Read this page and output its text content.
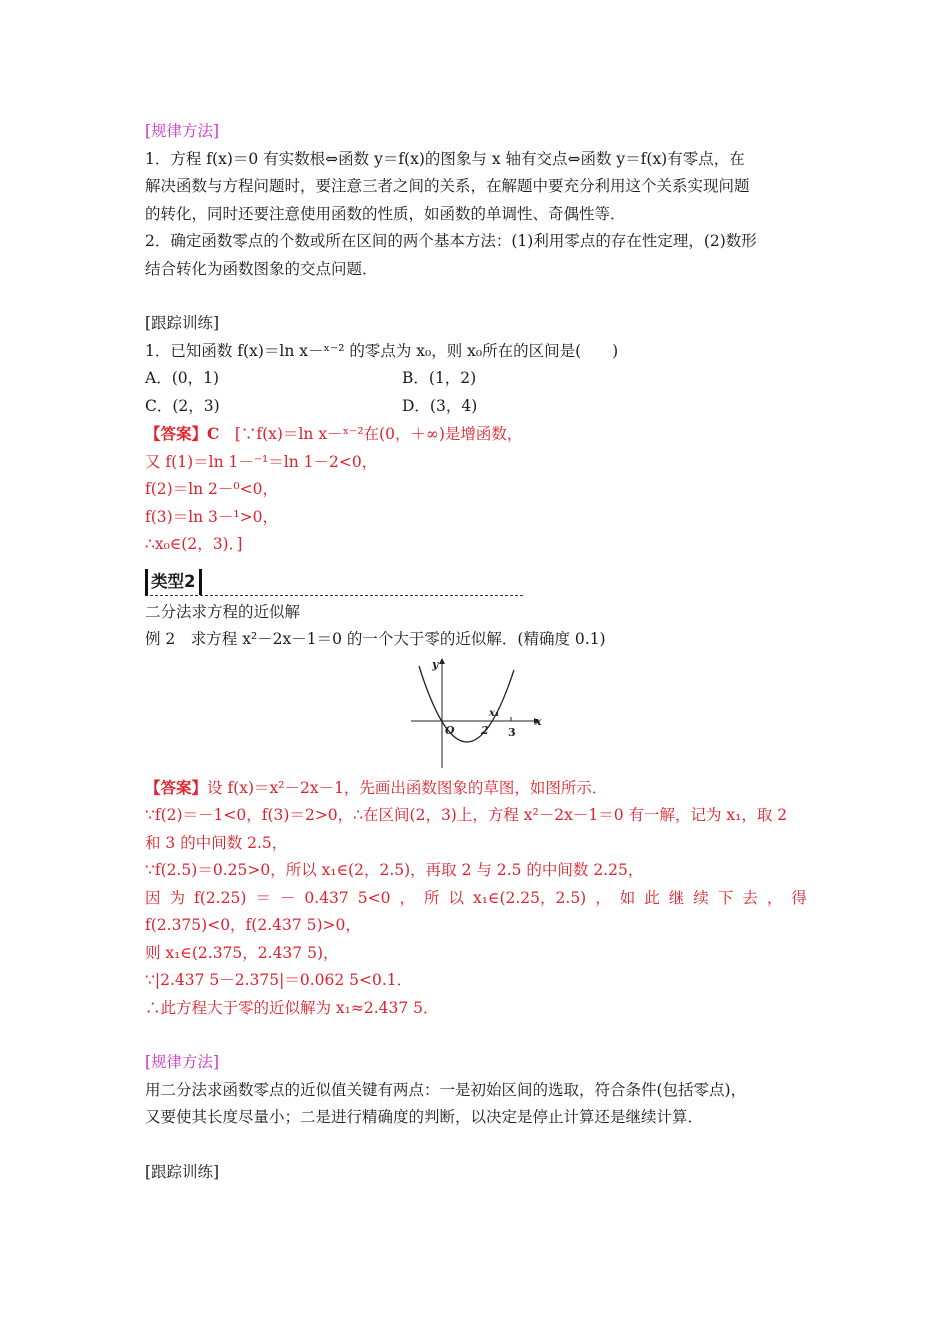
[规律方法]
1．方程 f(x)＝0 有实数根⇔函数 y＝f(x)的图象与 x 轴有交点⇔函数 y＝f(x)有零点，在
解决函数与方程问题时，要注意三者之间的关系，在解题中要充分利用这个关系实现问题
的转化，同时还要注意使用函数的性质，如函数的单调性、奇偶性等．
2．确定函数零点的个数或所在区间的两个基本方法：(1)利用零点的存在性定理，(2)数形
结合转化为函数图象的交点问题．
[跟踪训练]
1．已知函数 f(x)＝ln x－ˣ⁻² 的零点为 x₀，则 x₀所在的区间是(　　)
A．(0，1)	B．(1，2)
C．(2，3)	D．(3，4)
【答案】C　[∵f(x)＝ln x－ˣ⁻²在(0，＋∞)是增函数，
又 f(1)＝ln 1－⁻¹＝ln 1－2<0，
f(2)＝ln 2－⁰<0，
f(3)＝ln 3－¹>0，
∴x₀∈(2，3)．]
类型2
二分法求方程的近似解
例 2　求方程 x²－2x－1＝0 的一个大于零的近似解．(精确度 0.1)
y
x
O 2 3
x₁
【答案】设 f(x)＝x²－2x－1，先画出函数图象的草图，如图所示．
∵f(2)＝－1<0，f(3)＝2>0，∴在区间(2，3)上，方程 x²－2x－1＝0 有一解，记为 x₁，取 2
和 3 的中间数 2.5，
∵f(2.5)＝0.25>0，所以 x₁∈(2，2.5)，再取 2 与 2.5 的中间数 2.25，
因 为 f(2.25) ＝ － 0.437 5<0 ， 所 以 x₁∈(2.25，2.5) ， 如 此 继 续 下 去 ， 得
f(2.375)<0，f(2.437 5)>0，
则 x₁∈(2.375，2.437 5)，
∵|2.437 5－2.375|＝0.062 5<0.1．
∴此方程大于零的近似解为 x₁≈2.437 5．
[规律方法]
用二分法求函数零点的近似值关键有两点：一是初始区间的选取，符合条件(包括零点)，
又要使其长度尽量小；二是进行精确度的判断，以决定是停止计算还是继续计算．
[跟踪训练]
